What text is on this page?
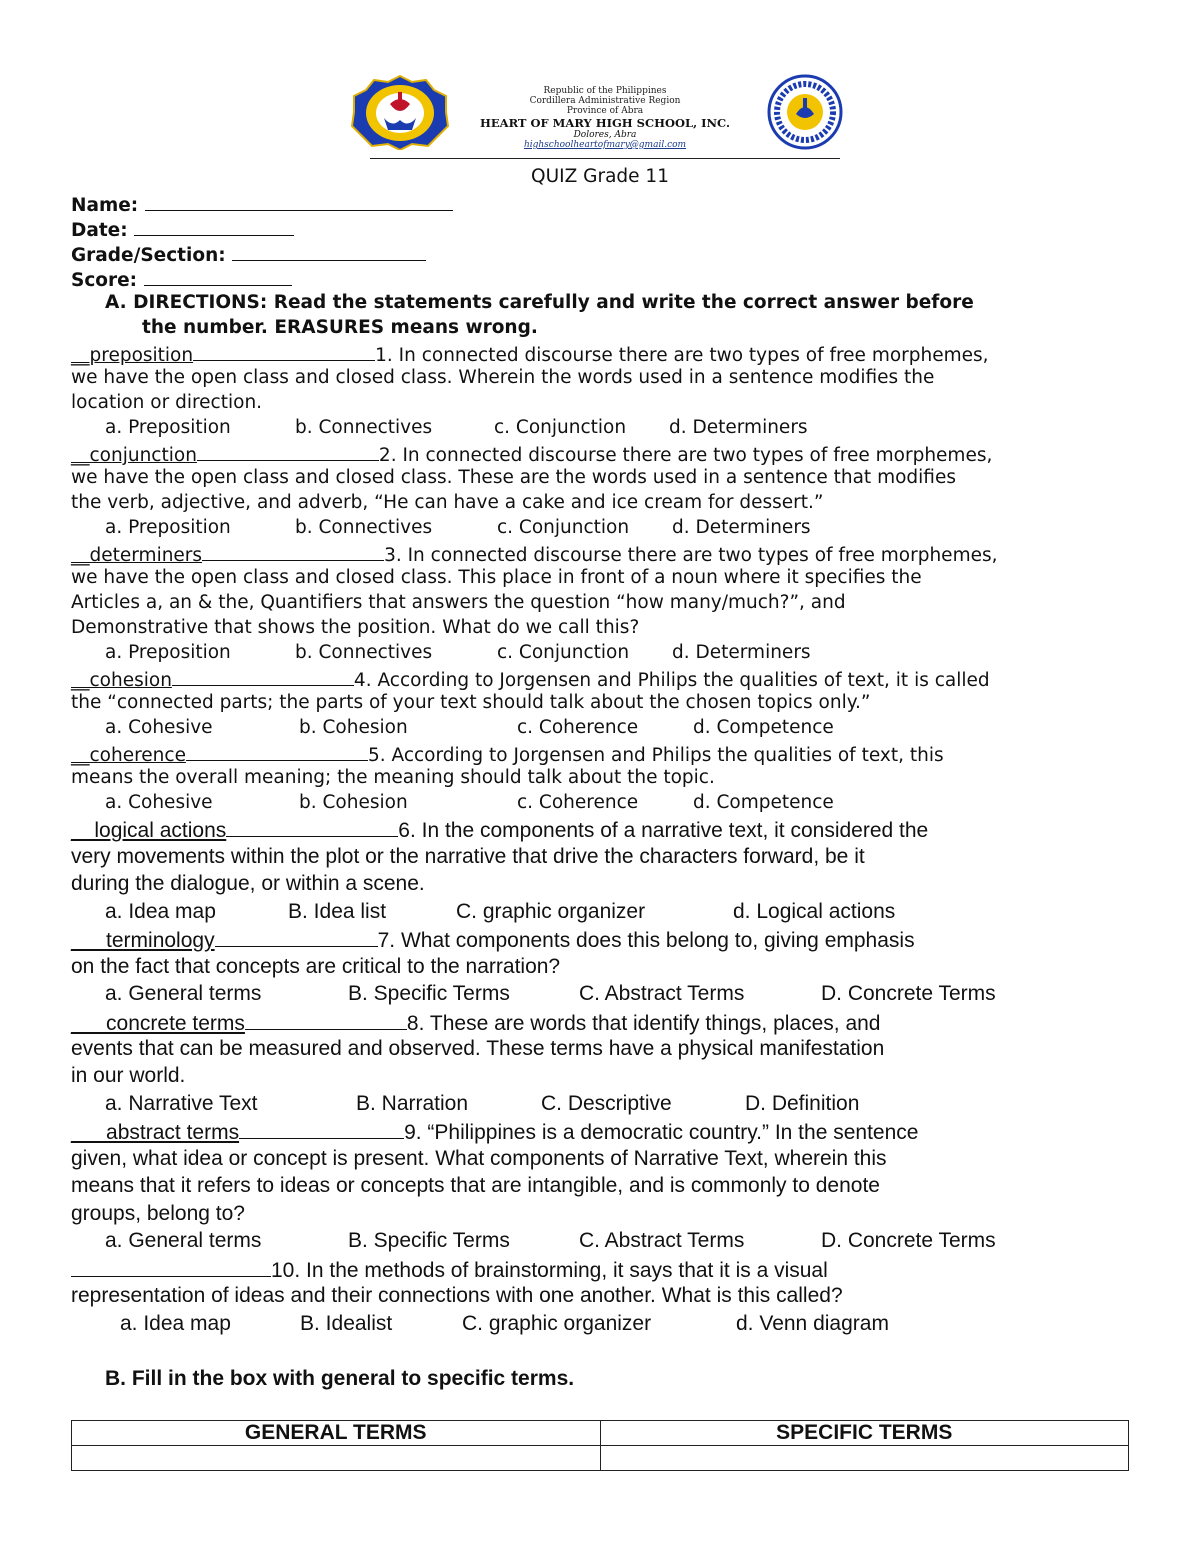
Republic of the Philippines
Cordillera Administrative Region
Province of Abra
HEART OF MARY HIGH SCHOOL, INC.
Dolores, Abra
highschoolheartofmary@gmail.com
QUIZ Grade 11
Name:
Date:
Grade/Section:
Score:
A. DIRECTIONS: Read the statements carefully and write the correct answer before
the number. ERASURES means wrong.
__preposition	1. In connected discourse there are two types of free morphemes,
we have the open class and closed class. Wherein the words used in a sentence modifies the
location or direction.
a. Preposition	b. Connectives	c. Conjunction d. Determiners
__conjunction	2. In connected discourse there are two types of free morphemes,
we have the open class and closed class. These are the words used in a sentence that modifies
the verb, adjective, and adverb, “He can have a cake and ice cream for dessert.”
a. Preposition	b. Connectives	c. Conjunction d. Determiners
__determiners	3. In connected discourse there are two types of free morphemes,
we have the open class and closed class. This place in front of a noun where it specifies the
Articles a, an & the, Quantifiers that answers the question “how many/much?”, and
Demonstrative that shows the position. What do we call this?
a. Preposition	b. Connectives	c. Conjunction d. Determiners
__cohesion	4. According to Jorgensen and Philips the qualities of text, it is called
the “connected parts; the parts of your text should talk about the chosen topics only.”
a. Cohesive	b. Cohesion	c. Coherence	d. Competence
__coherence	5. According to Jorgensen and Philips the qualities of text, this
means the overall meaning; the meaning should talk about the topic.
a. Cohesive	b. Cohesion	c. Coherence	d. Competence
__logical actions	6. In the components of a narrative text, it considered the
very movements within the plot or the narrative that drive the characters forward, be it
during the dialogue, or within a scene.
a. Idea map	B. Idea list	C. graphic organizer	d. Logical actions
___terminology	7. What components does this belong to, giving emphasis
on the fact that concepts are critical to the narration?
a. General terms	B. Specific Terms	C. Abstract Terms	D. Concrete Terms
___concrete terms	8. These are words that identify things, places, and
events that can be measured and observed. These terms have a physical manifestation
in our world.
a. Narrative Text	B. Narration	C. Descriptive	D. Definition
___abstract terms	9. “Philippines is a democratic country.” In the sentence
given, what idea or concept is present. What components of Narrative Text, wherein this
means that it refers to ideas or concepts that are intangible, and is commonly to denote
groups, belong to?
a. General terms	B. Specific Terms	C. Abstract Terms	D. Concrete Terms
10. In the methods of brainstorming, it says that it is a visual
representation of ideas and their connections with one another. What is this called?
a. Idea map	B. Idealist	C. graphic organizer	d. Venn diagram
B. Fill in the box with general to specific terms.
GENERAL TERMS	SPECIFIC TERMS
